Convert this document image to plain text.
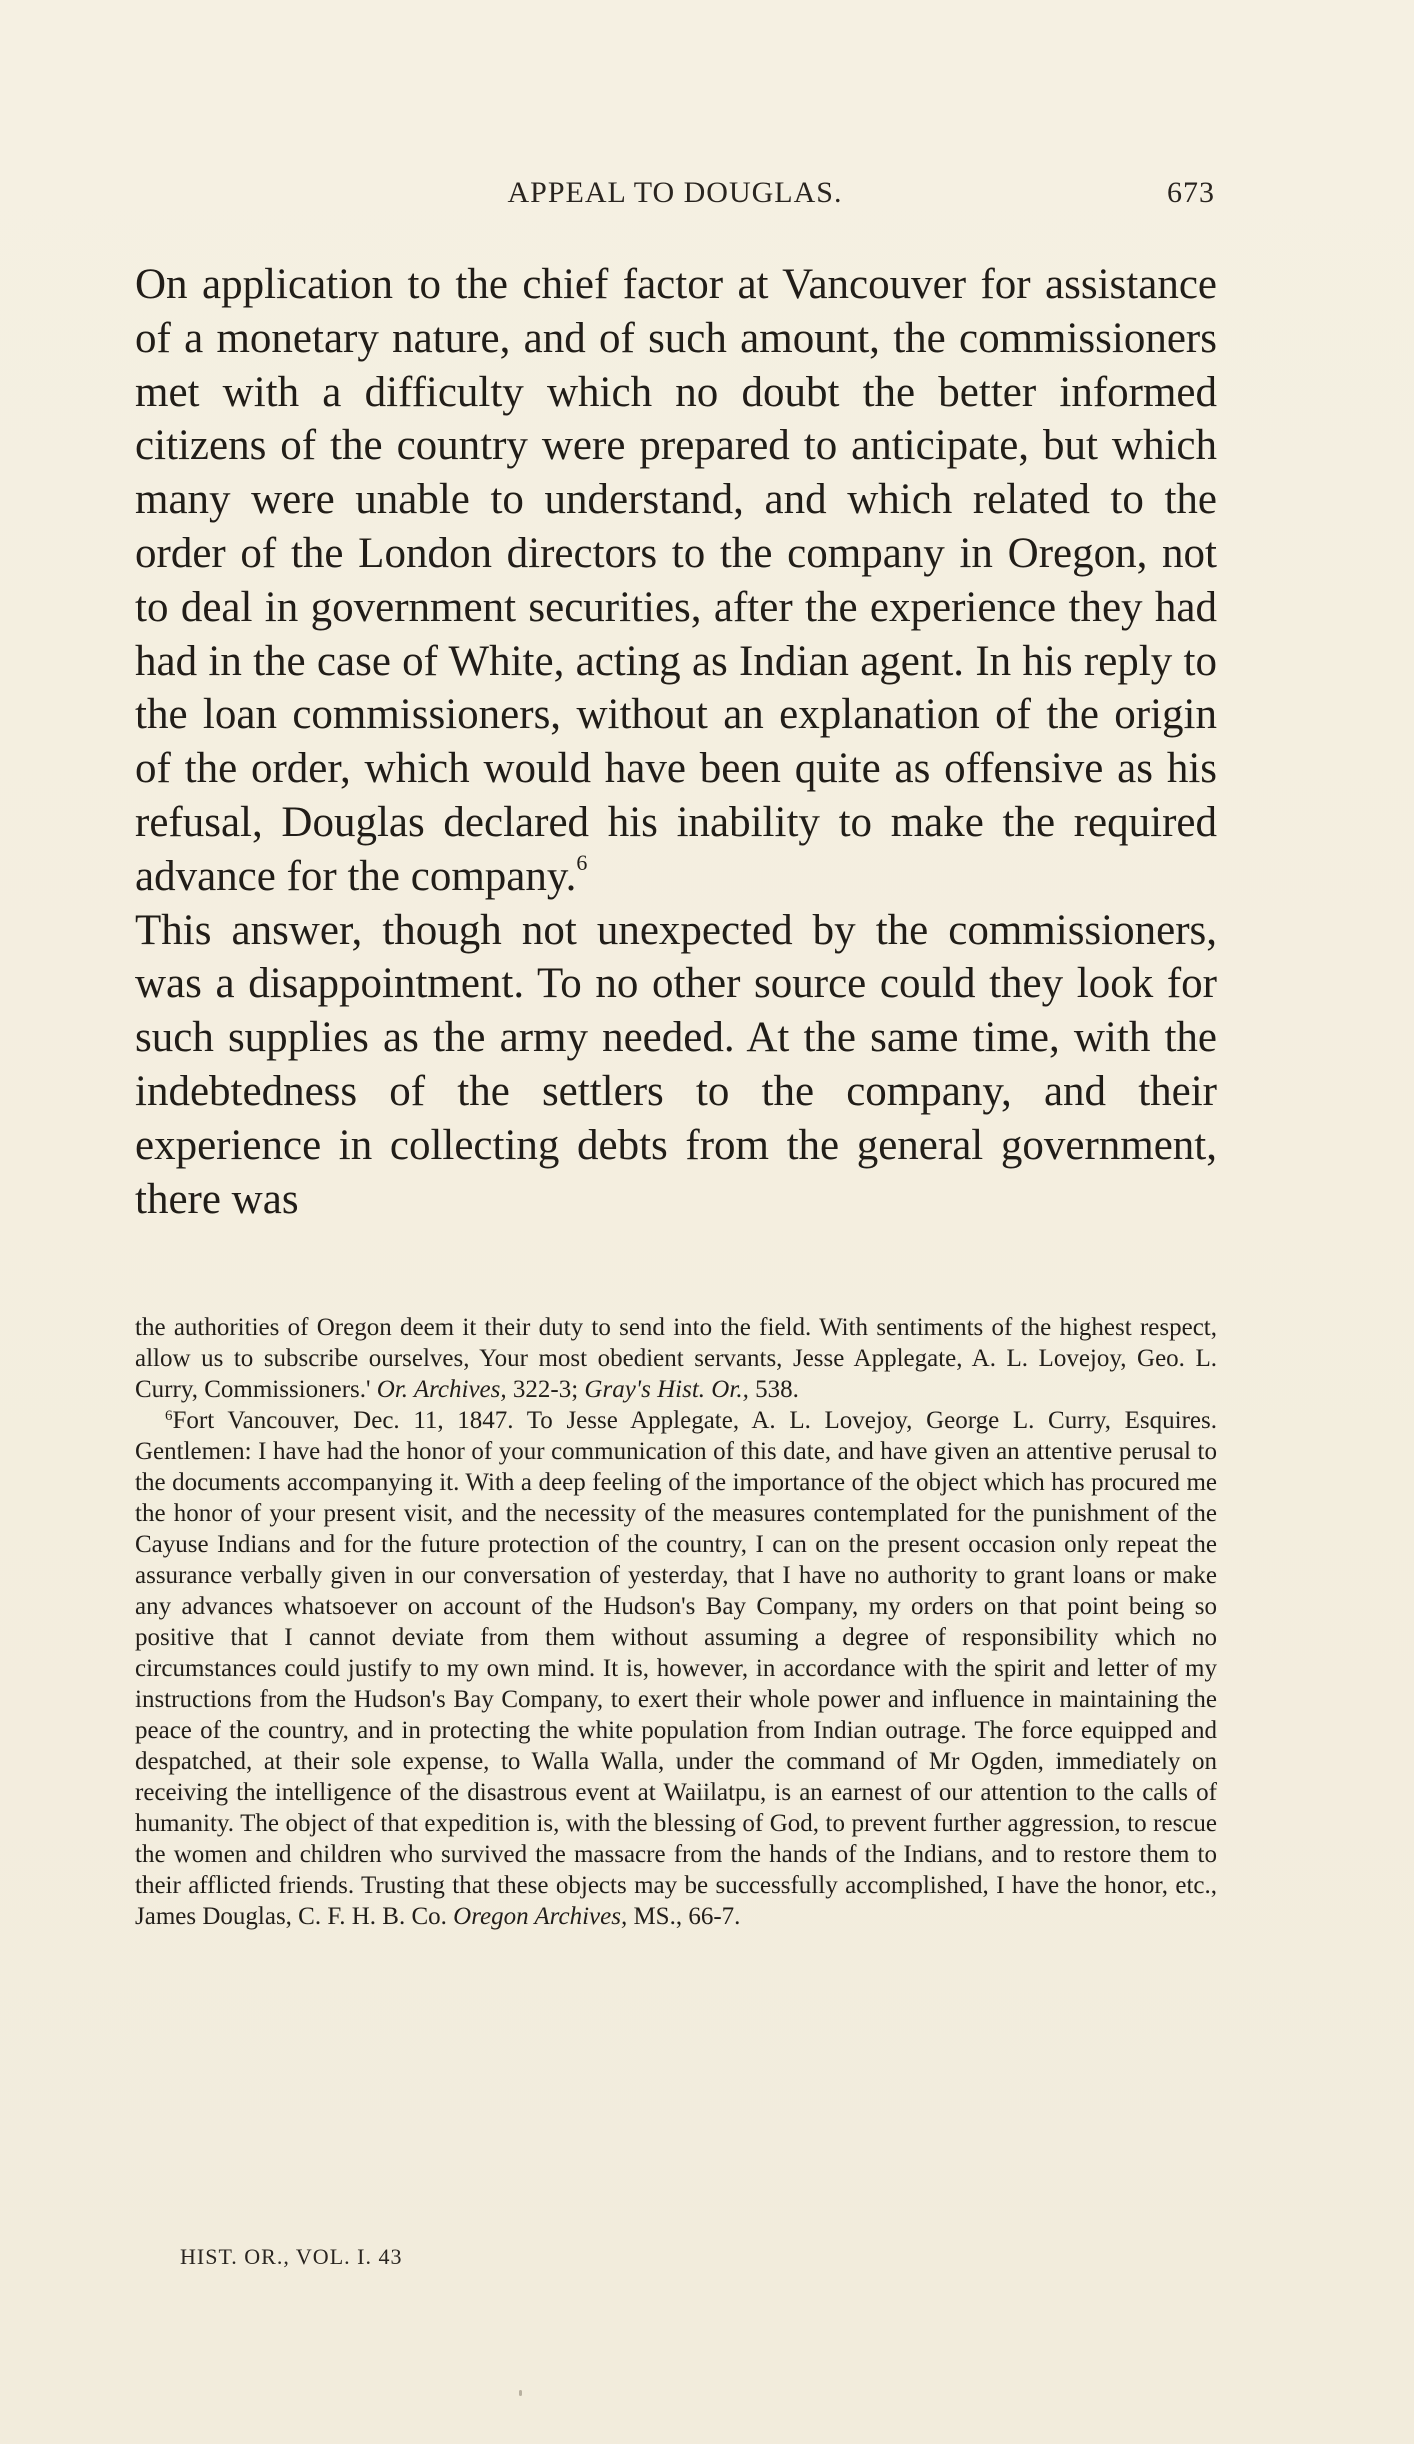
APPEAL TO DOUGLAS.	673

On application to the chief factor at Vancouver for assistance of a monetary nature, and of such amount, the commissioners met with a difficulty which no doubt the better informed citizens of the country were prepared to anticipate, but which many were unable to understand, and which related to the order of the London directors to the company in Oregon, not to deal in government securities, after the experience they had had in the case of White, acting as Indian agent. In his reply to the loan commissioners, without an explanation of the origin of the order, which would have been quite as offensive as his refusal, Douglas declared his inability to make the required advance for the company.$^6$

This answer, though not unexpected by the commissioners, was a disappointment. To no other source could they look for such supplies as the army needed. At the same time, with the indebtedness of the settlers to the company, and their experience in collecting debts from the general government, there was

the authorities of Oregon deem it their duty to send into the field. With sentiments of the highest respect, allow us to subscribe ourselves, Your most obedient servants, Jesse Applegate, A. L. Lovejoy, Geo. L. Curry, Commissioners.' Or. Archives, 322-3; Gray's Hist. Or., 538.

$^6$Fort Vancouver, Dec. 11, 1847. To Jesse Applegate, A. L. Lovejoy, George L. Curry, Esquires. Gentlemen: I have had the honor of your communication of this date, and have given an attentive perusal to the documents accompanying it. With a deep feeling of the importance of the object which has procured me the honor of your present visit, and the necessity of the measures contemplated for the punishment of the Cayuse Indians and for the future protection of the country, I can on the present occasion only repeat the assurance verbally given in our conversation of yesterday, that I have no authority to grant loans or make any advances whatsoever on account of the Hudson's Bay Company, my orders on that point being so positive that I cannot deviate from them without assuming a degree of responsibility which no circumstances could justify to my own mind. It is, however, in accordance with the spirit and letter of my instructions from the Hudson's Bay Company, to exert their whole power and influence in maintaining the peace of the country, and in protecting the white population from Indian outrage. The force equipped and despatched, at their sole expense, to Walla Walla, under the command of Mr Ogden, immediately on receiving the intelligence of the disastrous event at Waiilatpu, is an earnest of our attention to the calls of humanity. The object of that expedition is, with the blessing of God, to prevent further aggression, to rescue the women and children who survived the massacre from the hands of the Indians, and to restore them to their afflicted friends. Trusting that these objects may be successfully accomplished, I have the honor, etc., James Douglas, C. F. H. B. Co. Oregon Archives, MS., 66-7.

HIST. OR., VOL. I. 43
